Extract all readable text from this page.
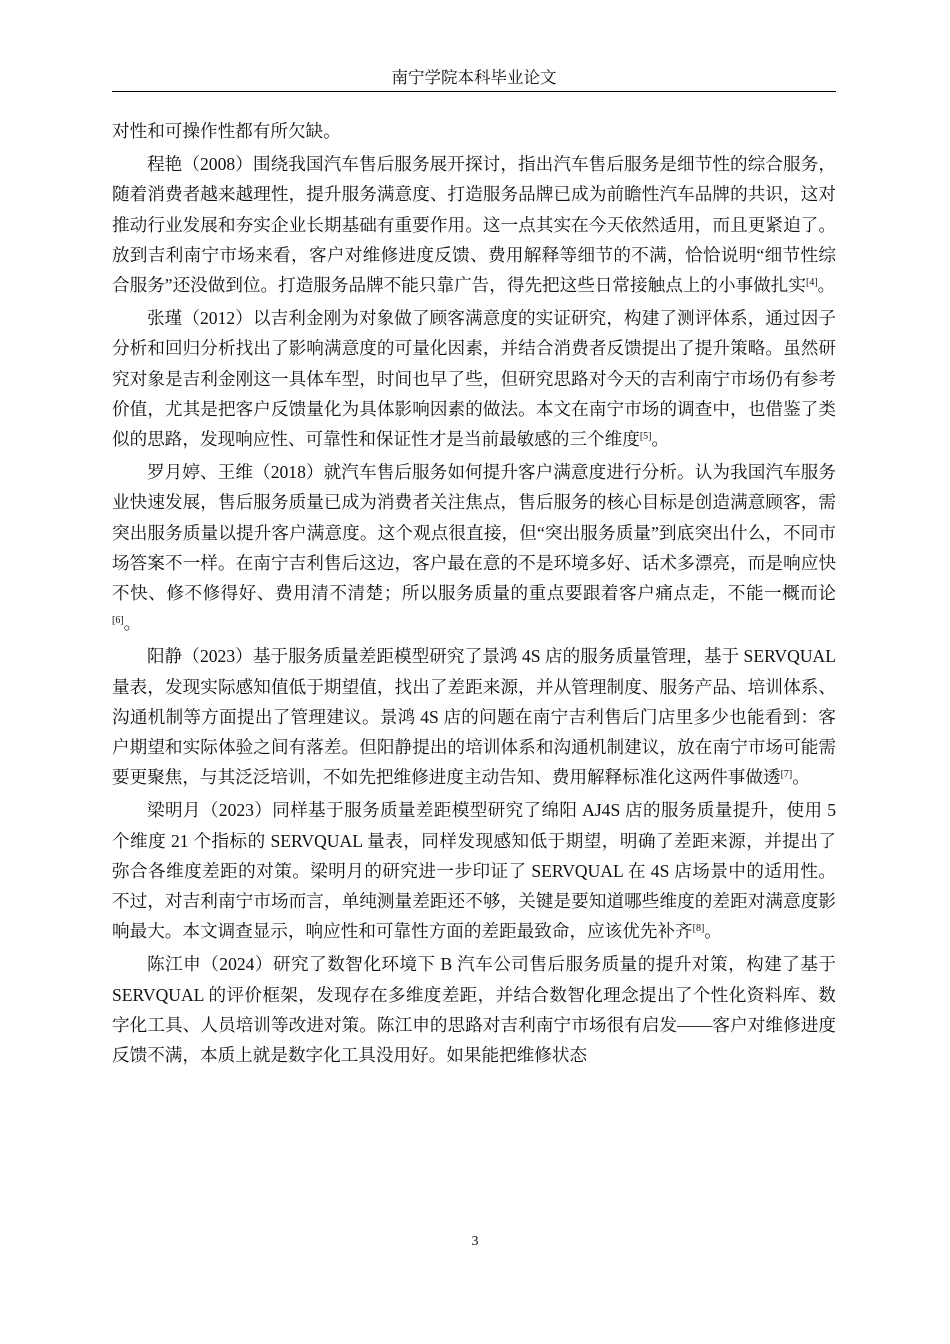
南宁学院本科毕业论文

对性和可操作性都有所欠缺。

程艳（2008）围绕我国汽车售后服务展开探讨，指出汽车售后服务是细节性的综合服务，随着消费者越来越理性，提升服务满意度、打造服务品牌已成为前瞻性汽车品牌的共识，这对推动行业发展和夯实企业长期基础有重要作用。这一点其实在今天依然适用，而且更紧迫了。放到吉利南宁市场来看，客户对维修进度反馈、费用解释等细节的不满，恰恰说明“细节性综合服务”还没做到位。打造服务品牌不能只靠广告，得先把这些日常接触点上的小事做扎实[4]。

张瑾（2012）以吉利金刚为对象做了顾客满意度的实证研究，构建了测评体系，通过因子分析和回归分析找出了影响满意度的可量化因素，并结合消费者反馈提出了提升策略。虽然研究对象是吉利金刚这一具体车型，时间也早了些，但研究思路对今天的吉利南宁市场仍有参考价值，尤其是把客户反馈量化为具体影响因素的做法。本文在南宁市场的调查中，也借鉴了类似的思路，发现响应性、可靠性和保证性才是当前最敏感的三个维度[5]。

罗月婷、王维（2018）就汽车售后服务如何提升客户满意度进行分析。认为我国汽车服务业快速发展，售后服务质量已成为消费者关注焦点，售后服务的核心目标是创造满意顾客，需突出服务质量以提升客户满意度。这个观点很直接，但“突出服务质量”到底突出什么，不同市场答案不一样。在南宁吉利售后这边，客户最在意的不是环境多好、话术多漂亮，而是响应快不快、修不修得好、费用清不清楚；所以服务质量的重点要跟着客户痛点走，不能一概而论[6]。

阳静（2023）基于服务质量差距模型研究了景鸿 4S 店的服务质量管理，基于 SERVQUAL 量表，发现实际感知值低于期望值，找出了差距来源，并从管理制度、服务产品、培训体系、沟通机制等方面提出了管理建议。景鸿 4S 店的问题在南宁吉利售后门店里多少也能看到：客户期望和实际体验之间有落差。但阳静提出的培训体系和沟通机制建议，放在南宁市场可能需要更聚焦，与其泛泛培训，不如先把维修进度主动告知、费用解释标准化这两件事做透[7]。

梁明月（2023）同样基于服务质量差距模型研究了绵阳 AJ4S 店的服务质量提升，使用 5 个维度 21 个指标的 SERVQUAL 量表，同样发现感知低于期望，明确了差距来源，并提出了弥合各维度差距的对策。梁明月的研究进一步印证了 SERVQUAL 在 4S 店场景中的适用性。不过，对吉利南宁市场而言，单纯测量差距还不够，关键是要知道哪些维度的差距对满意度影响最大。本文调查显示，响应性和可靠性方面的差距最致命，应该优先补齐[8]。

陈江申（2024）研究了数智化环境下 B 汽车公司售后服务质量的提升对策，构建了基于 SERVQUAL 的评价框架，发现存在多维度差距，并结合数智化理念提出了个性化资料库、数字化工具、人员培训等改进对策。陈江申的思路对吉利南宁市场很有启发——客户对维修进度反馈不满，本质上就是数字化工具没用好。如果能把维修状态

3
